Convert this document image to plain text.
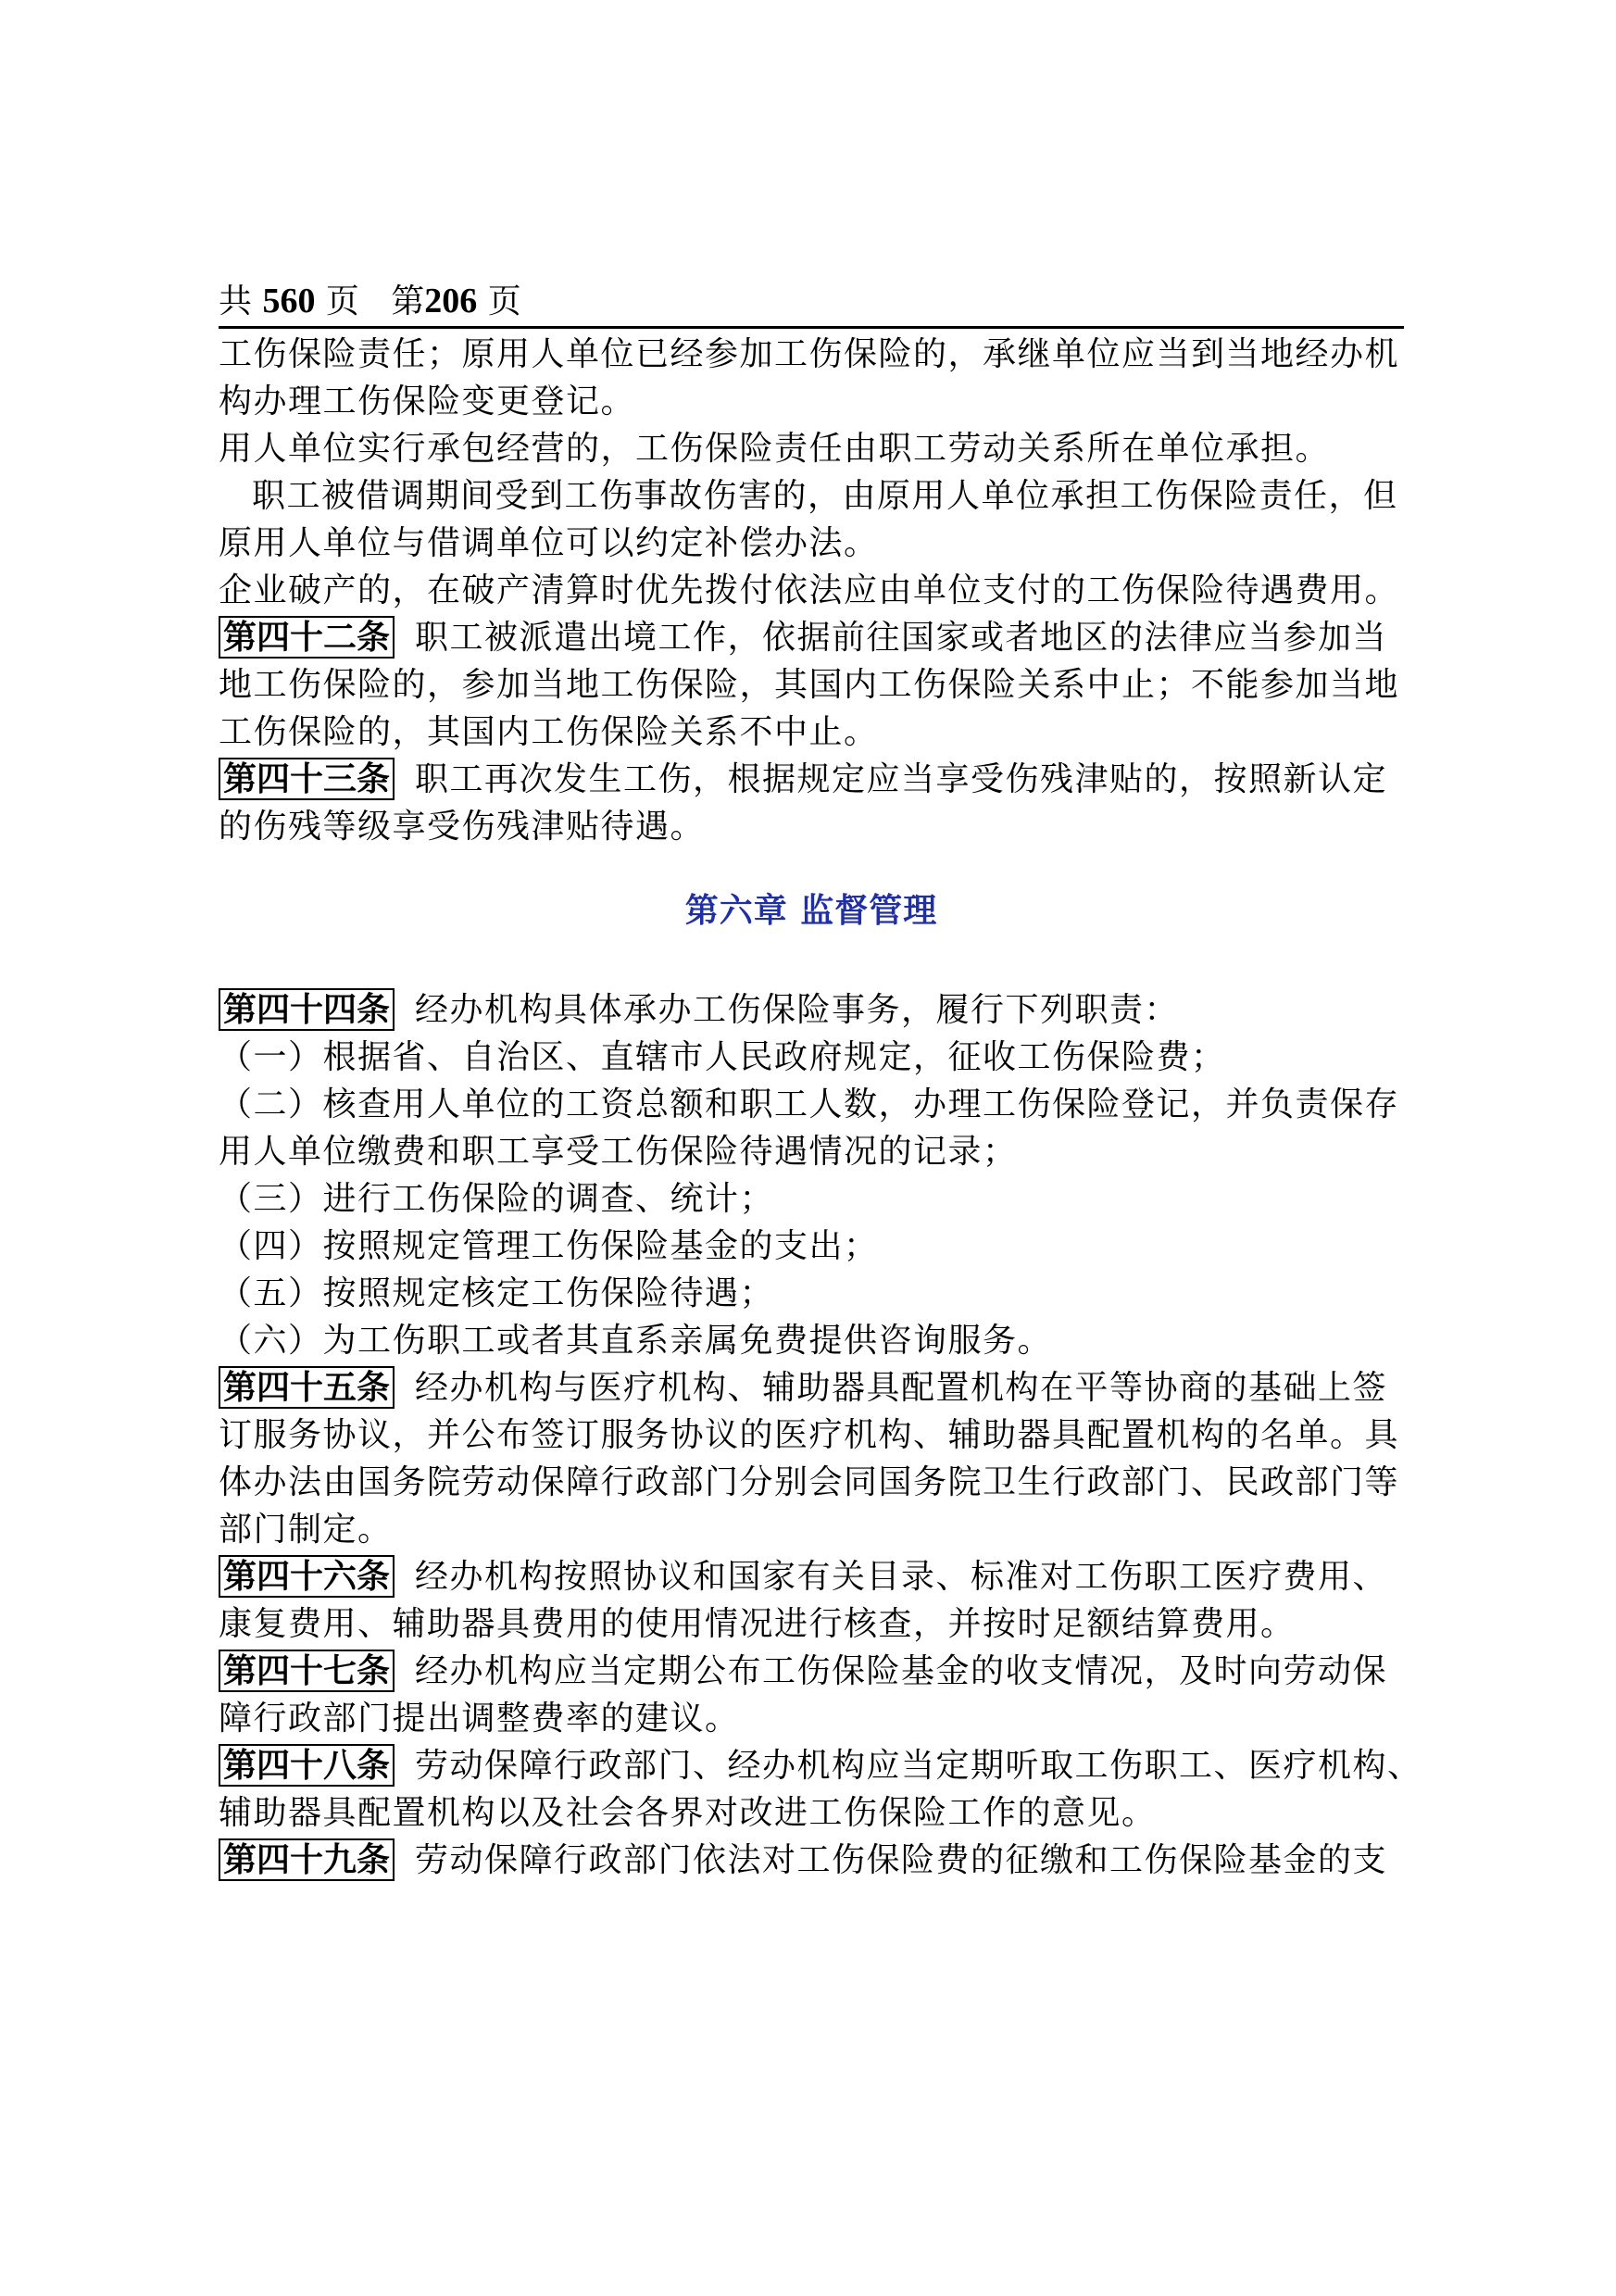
共 560 页 第206 页
工伤保险责任；原用人单位已经参加工伤保险的，承继单位应当到当地经办机
构办理工伤保险变更登记。
用人单位实行承包经营的，工伤保险责任由职工劳动关系所在单位承担。
职工被借调期间受到工伤事故伤害的，由原用人单位承担工伤保险责任，但
原用人单位与借调单位可以约定补偿办法。
企业破产的，在破产清算时优先拨付依法应由单位支付的工伤保险待遇费用。
第四十二条 职工被派遣出境工作，依据前往国家或者地区的法律应当参加当
地工伤保险的，参加当地工伤保险，其国内工伤保险关系中止；不能参加当地
工伤保险的，其国内工伤保险关系不中止。
第四十三条 职工再次发生工伤，根据规定应当享受伤残津贴的，按照新认定
的伤残等级享受伤残津贴待遇。
第六章 监督管理
第四十四条 经办机构具体承办工伤保险事务，履行下列职责：
（一）根据省、自治区、直辖市人民政府规定，征收工伤保险费；
（二）核查用人单位的工资总额和职工人数，办理工伤保险登记，并负责保存
用人单位缴费和职工享受工伤保险待遇情况的记录；
（三）进行工伤保险的调查、统计；
（四）按照规定管理工伤保险基金的支出；
（五）按照规定核定工伤保险待遇；
（六）为工伤职工或者其直系亲属免费提供咨询服务。
第四十五条 经办机构与医疗机构、辅助器具配置机构在平等协商的基础上签
订服务协议，并公布签订服务协议的医疗机构、辅助器具配置机构的名单。具
体办法由国务院劳动保障行政部门分别会同国务院卫生行政部门、民政部门等
部门制定。
第四十六条 经办机构按照协议和国家有关目录、标准对工伤职工医疗费用、
康复费用、辅助器具费用的使用情况进行核查，并按时足额结算费用。
第四十七条 经办机构应当定期公布工伤保险基金的收支情况，及时向劳动保
障行政部门提出调整费率的建议。
第四十八条 劳动保障行政部门、经办机构应当定期听取工伤职工、医疗机构、
辅助器具配置机构以及社会各界对改进工伤保险工作的意见。
第四十九条 劳动保障行政部门依法对工伤保险费的征缴和工伤保险基金的支
